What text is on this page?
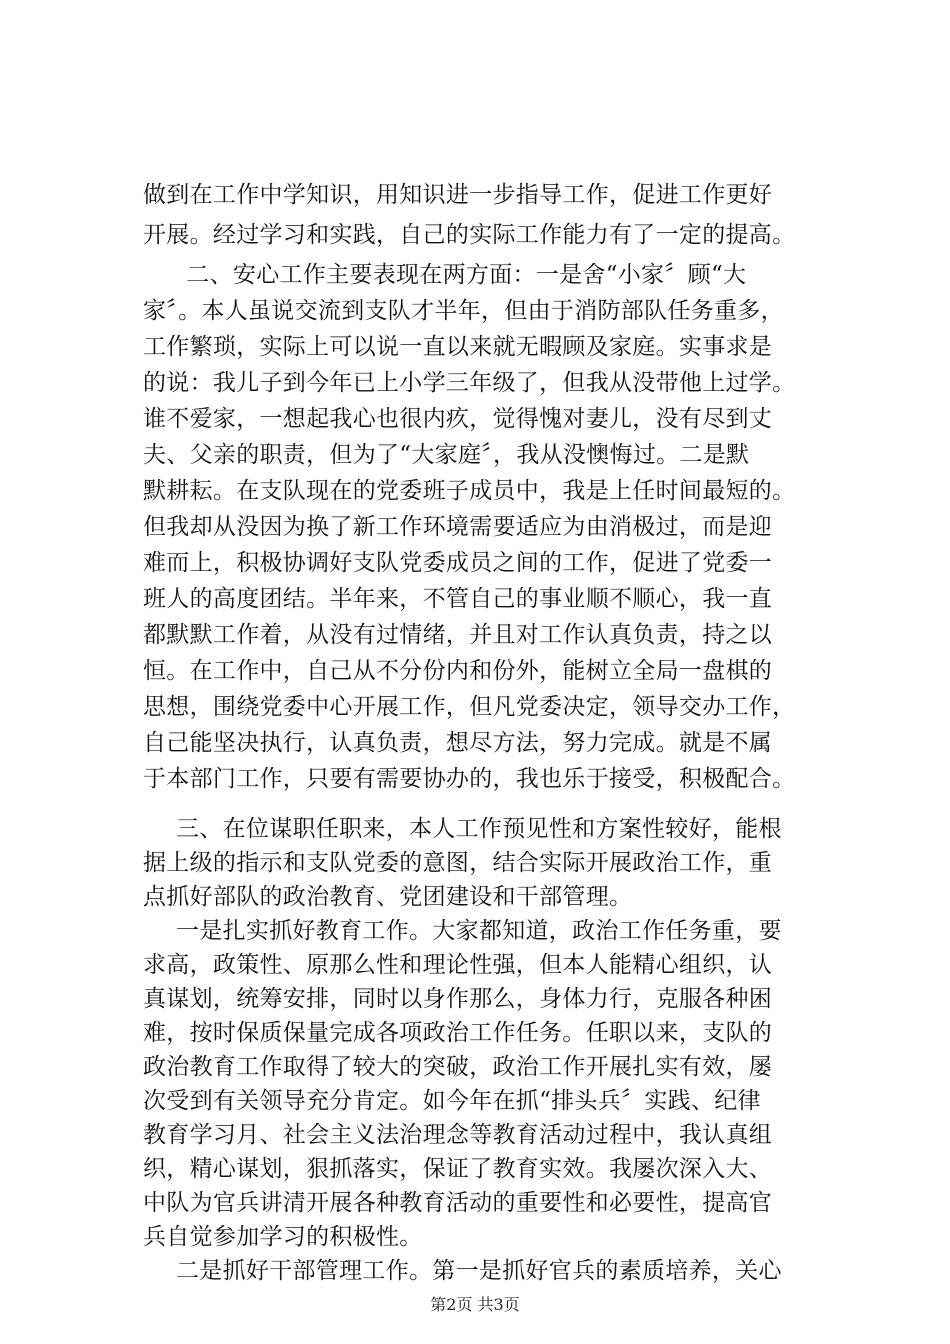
做到在工作中学知识，用知识进一步指导工作，促进工作更好
开展。经过学习和实践，自己的实际工作能力有了一定的提高。
　二、安心工作主要表现在两方面：一是舍“小家〞顾“大
家〞。本人虽说交流到支队才半年，但由于消防部队任务重多，
工作繁琐，实际上可以说一直以来就无暇顾及家庭。实事求是
的说：我儿子到今年已上小学三年级了，但我从没带他上过学。
谁不爱家，一想起我心也很内疚，觉得愧对妻儿，没有尽到丈
夫、父亲的职责，但为了“大家庭〞，我从没懊悔过。二是默
默耕耘。在支队现在的党委班子成员中，我是上任时间最短的。
但我却从没因为换了新工作环境需要适应为由消极过，而是迎
难而上，积极协调好支队党委成员之间的工作，促进了党委一
班人的高度团结。半年来，不管自己的事业顺不顺心，我一直
都默默工作着，从没有过情绪，并且对工作认真负责，持之以
恒。在工作中，自己从不分份内和份外，能树立全局一盘棋的
思想，围绕党委中心开展工作，但凡党委决定，领导交办工作，
自己能坚决执行，认真负责，想尽方法，努力完成。就是不属
于本部门工作，只要有需要协办的，我也乐于接受，积极配合。
三、在位谋职任职来，本人工作预见性和方案性较好，能根
据上级的指示和支队党委的意图，结合实际开展政治工作，重
点抓好部队的政治教育、党团建设和干部管理。
一是扎实抓好教育工作。大家都知道，政治工作任务重，要
求高，政策性、原那么性和理论性强，但本人能精心组织，认
真谋划，统筹安排，同时以身作那么，身体力行，克服各种困
难，按时保质保量完成各项政治工作任务。任职以来，支队的
政治教育工作取得了较大的突破，政治工作开展扎实有效，屡
次受到有关领导充分肯定。如今年在抓“排头兵〞实践、纪律
教育学习月、社会主义法治理念等教育活动过程中，我认真组
织，精心谋划，狠抓落实，保证了教育实效。我屡次深入大、
中队为官兵讲清开展各种教育活动的重要性和必要性，提高官
兵自觉参加学习的积极性。
二是抓好干部管理工作。第一是抓好官兵的素质培养，关心
第2页 共3页
